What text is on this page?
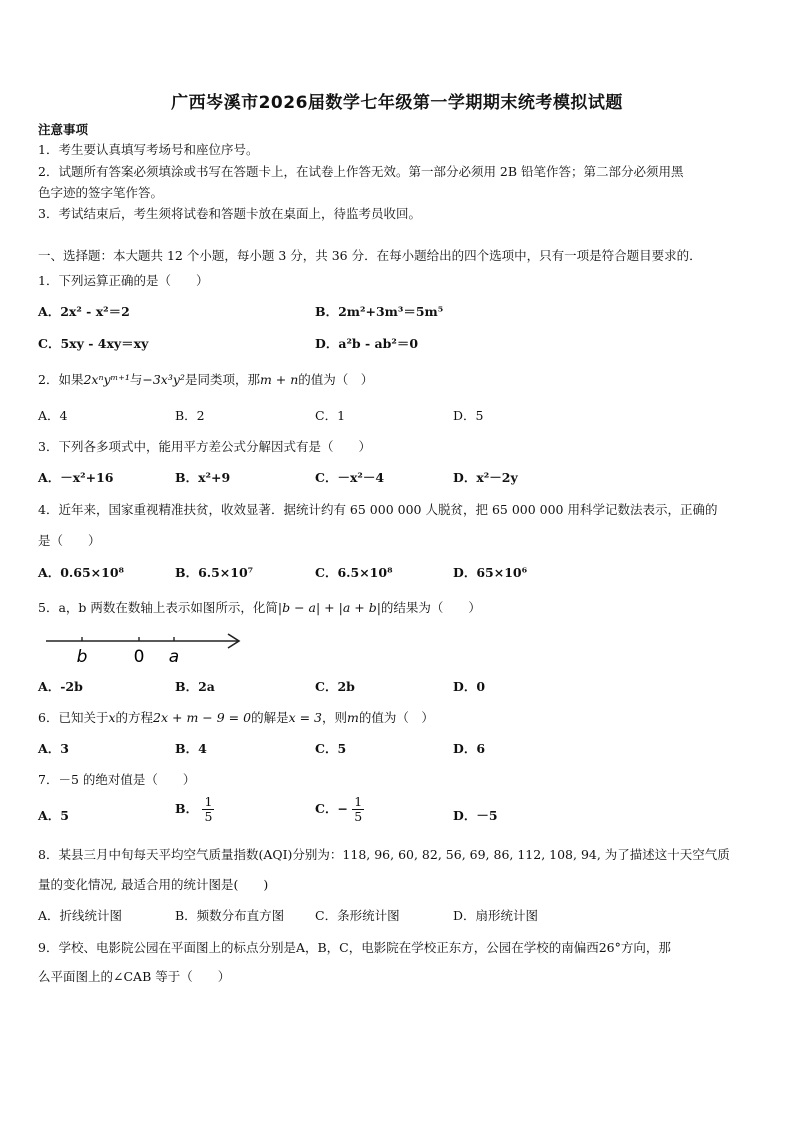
广西岑溪市2026届数学七年级第一学期期末统考模拟试题
注意事项
1．考生要认真填写考场号和座位序号。
2．试题所有答案必须填涂或书写在答题卡上，在试卷上作答无效。第一部分必须用 2B 铅笔作答；第二部分必须用黑
色字迹的签字笔作答。
3．考试结束后，考生须将试卷和答题卡放在桌面上，待监考员收回。
一、选择题：本大题共 12 个小题，每小题 3 分，共 36 分．在每小题给出的四个选项中，只有一项是符合题目要求的．
1．下列运算正确的是（　　）
A．2x² - x²＝2	B．2m²+3m³＝5m⁵
C．5xy - 4xy＝xy	D．a²b - ab²＝0
2．如果2xⁿyᵐ⁺¹与−3x³y²是同类项，那m + n的值为（　）
A．4	B．2	C．1	D．5
3．下列各多项式中，能用平方差公式分解因式有是（　　）
A．－x²+16	B．x²+9	C．－x²－4	D．x²－2y
4．近年来，国家重视精准扶贫，收效显著．据统计约有 65 000 000 人脱贫，把 65 000 000 用科学记数法表示，正确的
是（　　）
A．0.65×10⁸	B．6.5×10⁷	C．6.5×10⁸	D．65×10⁶
5．a，b 两数在数轴上表示如图所示，化简|b − a| + |a + b|的结果为（　　）
b	0 a
A．-2b	B．2a	C．2b	D．0
6．已知关于x的方程2x + m − 9 = 0的解是x = 3，则m的值为（　）
A．3	B．4	C．5	D．6
7．－5 的绝对值是（　　）
A．5	B． $\frac{1}{5}$	C．− $\frac{1}{5}$	D．－5
8．某县三月中旬每天平均空气质量指数(AQI)分别为：118, 96, 60, 82, 56, 69, 86, 112, 108, 94, 为了描述这十天空气质
量的变化情况, 最适合用的统计图是(　　)
A．折线统计图	B．频数分布直方图 C．条形统计图	D．扇形统计图
9．学校、电影院公园在平面图上的标点分别是A，B，C，电影院在学校正东方，公园在学校的南偏西26°方向，那
么平面图上的∠CAB 等于（　　）
